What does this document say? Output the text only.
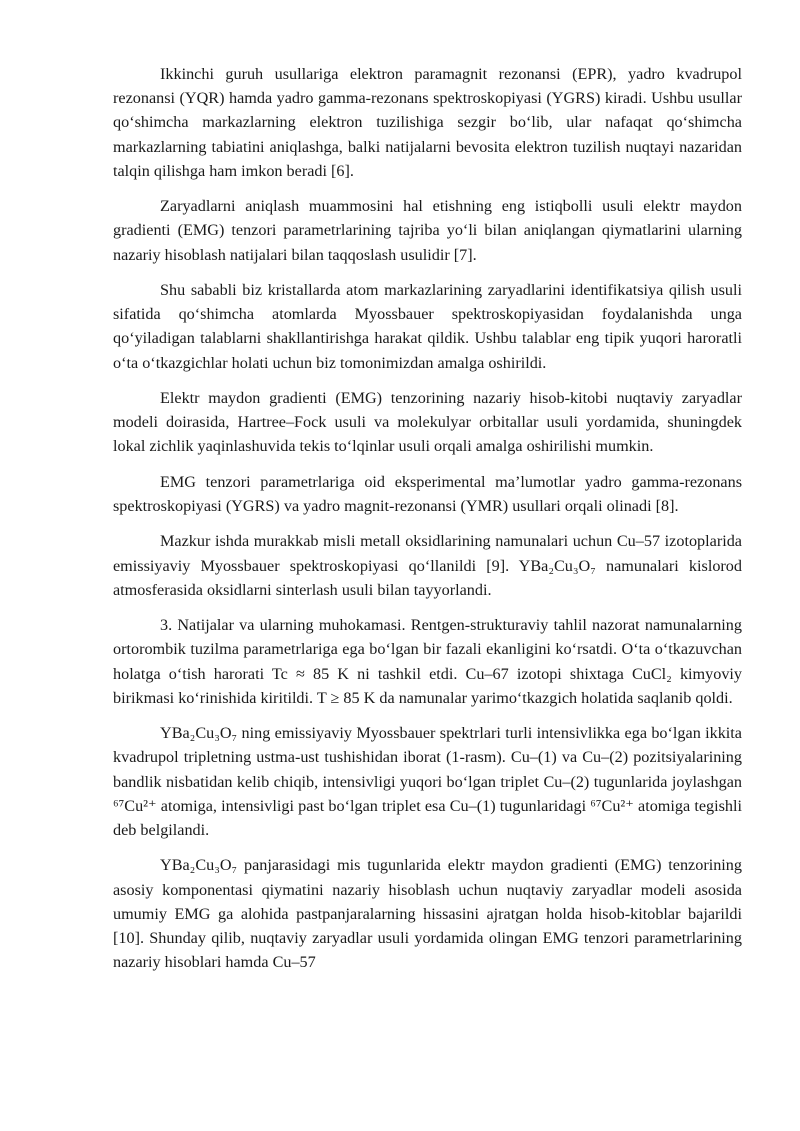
Ikkinchi guruh usullariga elektron paramagnit rezonansi (EPR), yadro kvadrupol rezonansi (YQR) hamda yadro gamma-rezonans spektroskopiyasi (YGRS) kiradi. Ushbu usullar qo‘shimcha markazlarning elektron tuzilishiga sezgir bo‘lib, ular nafaqat qo‘shimcha markazlarning tabiatini aniqlashga, balki natijalarni bevosita elektron tuzilish nuqtayi nazaridan talqin qilishga ham imkon beradi [6].

Zaryadlarni aniqlash muammosini hal etishning eng istiqbolli usuli elektr maydon gradienti (EMG) tenzori parametrlarining tajriba yo‘li bilan aniqlangan qiymatlarini ularning nazariy hisoblash natijalari bilan taqqoslash usulidir [7].

Shu sababli biz kristallarda atom markazlarining zaryadlarini identifikatsiya qilish usuli sifatida qo‘shimcha atomlarda Myossbauer spektroskopiyasidan foydalanishda unga qo‘yiladigan talablarni shakllantirishga harakat qildik. Ushbu talablar eng tipik yuqori haroratli o‘ta o‘tkazgichlar holati uchun biz tomonimizdan amalga oshirildi.

Elektr maydon gradienti (EMG) tenzorining nazariy hisob-kitobi nuqtaviy zaryadlar modeli doirasida, Hartree–Fock usuli va molekulyar orbitallar usuli yordamida, shuningdek lokal zichlik yaqinlashuvida tekis to‘lqinlar usuli orqali amalga oshirilishi mumkin.

EMG tenzori parametrlariga oid eksperimental ma’lumotlar yadro gamma-rezonans spektroskopiyasi (YGRS) va yadro magnit-rezonansi (YMR) usullari orqali olinadi [8].

Mazkur ishda murakkab misli metall oksidlarining namunalari uchun Cu–57 izotoplarida emissiyaviy Myossbauer spektroskopiyasi qo‘llanildi [9]. YBa₂Cu₃O₇ namunalari kislorod atmosferasida oksidlarni sinterlash usuli bilan tayyorlandi.

3. Natijalar va ularning muhokamasi. Rentgen-strukturaviy tahlil nazorat namunalarning ortorombik tuzilma parametrlariga ega bo‘lgan bir fazali ekanligini ko‘rsatdi. O‘ta o‘tkazuvchan holatga o‘tish harorati Tc ≈ 85 K ni tashkil etdi. Cu–67 izotopi shixtaga CuCl₂ kimyoviy birikmasi ko‘rinishida kiritildi. T ≥ 85 K da namunalar yarimo‘tkazgich holatida saqlanib qoldi.

YBa₂Cu₃O₇ ning emissiyaviy Myossbauer spektrlari turli intensivlikka ega bo‘lgan ikkita kvadrupol tripletning ustma-ust tushishidan iborat (1-rasm). Cu–(1) va Cu–(2) pozitsiyalarining bandlik nisbatidan kelib chiqib, intensivligi yuqori bo‘lgan triplet Cu–(2) tugunlarida joylashgan ⁶⁷Cu²⁺ atomiga, intensivligi past bo‘lgan triplet esa Cu–(1) tugunlaridagi ⁶⁷Cu²⁺ atomiga tegishli deb belgilandi.

YBa₂Cu₃O₇ panjarasidagi mis tugunlarida elektr maydon gradienti (EMG) tenzorining asosiy komponentasi qiymatini nazariy hisoblash uchun nuqtaviy zaryadlar modeli asosida umumiy EMG ga alohida pastpanjaralarning hissasini ajratgan holda hisob-kitoblar bajarildi [10]. Shunday qilib, nuqtaviy zaryadlar usuli yordamida olingan EMG tenzori parametrlarining nazariy hisoblari hamda Cu–57
